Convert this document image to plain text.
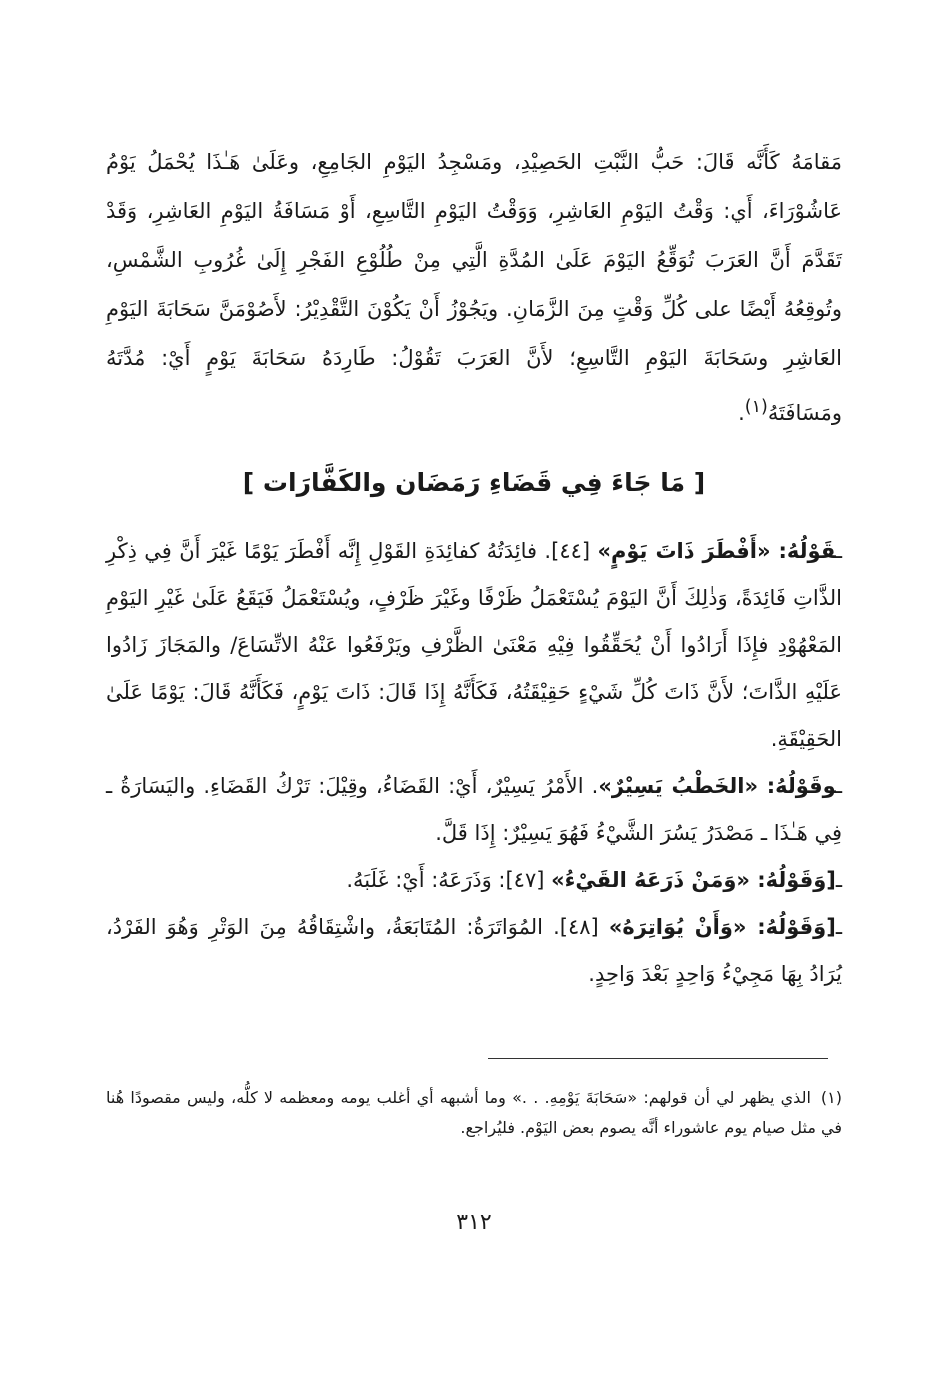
مَقامَهُ كَأَنَّه قَالَ: حَبُّ النَّبْتِ الحَصِيْدِ، ومَسْجِدُ اليَوْمِ الجَامِعِ، وعَلَىٰ هَـٰذَا يُحْمَلُ يَوْمُ عَاشُوْرَاءَ، أَي: وَقْتُ اليَوْمِ العَاشِرِ، وَوَقْتُ اليَوْمِ التَّاسِعِ، أَوْ مَسَافَةُ اليَوْمِ العَاشِرِ، وَقَدْ تَقَدَّمَ أَنَّ العَرَبَ تُوَقِّعُ اليَوْمَ عَلَىٰ المُدَّةِ الَّتِي مِنْ طُلُوْعِ الفَجْرِ إِلَىٰ غُرُوبِ الشَّمْسِ، وتُوقِعُهُ أَيْضًا على كُلِّ وَقْتٍ مِنَ الزَّمَانِ. ويَجُوْزُ أَنْ يَكُوْنَ التَّقْدِيْرُ: لأَصُوْمَنَّ سَحَابَةَ اليَوْمِ العَاشِرِ وسَحَابَةَ اليَوْمِ التَّاسِعِ؛ لأَنَّ العَرَبَ تَقُوْلُ: طَارِدَهُ سَحَابَةَ يَوْمٍ أَيْ: مُدَّتَهُ ومَسَافَتَهُ$^{(١)}$.

[ مَا جَاءَ فِي قَضَاءِ رَمَضَان والكَفَّارَات ]

ـقَوْلُهُ: «أَفْطَرَ ذَاتَ يَوْمٍ» [٤٤]. فائِدَتُهُ كفائِدَةِ القَوْلِ إِنَّه أَفْطَرَ يَوْمًا غَيْرَ أَنَّ فِي ذِكْرِ الذَّاتِ فَائِدَةً، وَذٰلِكَ أَنَّ اليَوْمَ يُسْتَعْمَلُ ظَرْفًا وغَيْرَ ظَرْفٍ، ويُسْتَعْمَلُ فَيَقَعُ عَلَىٰ غَيْرِ اليَوْمِ المَعْهُوْدِ فإِذَا أَرَادُوا أَنْ يُحَقِّقُوا فِيْهِ مَعْنَىٰ الظَّرْفِ ويَرْفَعُوا عَنْهُ الاتِّسَاعَ/ والمَجَازَ زَادُوا عَلَيْهِ الذَّاتَ؛ لأَنَّ ذَاتَ كُلِّ شَيْءٍ حَقِيْقَتُهُ، فَكَأَنَّهُ إِذَا قَالَ: ذَاتَ يَوْمٍ، فَكَأَنَّهُ قَالَ: يَوْمًا عَلَىٰ الحَقِيْقَةِ.

ـوقَوْلُهُ: «الخَطْبُ يَسِيْرٌ». الأَمْرُ يَسِيْرٌ، أَيْ: القَضَاءُ، وقِيْلَ: تَرْكُ القَضَاءِ. واليَسَارَةُ ـ فِي هَـٰذَا ـ مَصْدَرُ يَسُرَ الشَّيْءُ فَهُوَ يَسِيْرٌ: إِذَا قَلَّ.

ـ[وَقَوْلُهُ: «وَمَنْ ذَرَعَهُ القَيْءُ» [٤٧]: وَذَرَعَهُ: أَيْ: غَلَبَهُ.

ـ[وَقَوْلُهُ: «وَأَنْ يُوَاتِرَهُ» [٤٨]. المُوَاتَرَةُ: المُتَابَعَةُ، واشْتِقَاقُهُ مِنَ الوَتْرِ وَهُوَ الفَرْدُ، يُرَادُ بِهَا مَجِيْءُ وَاحِدٍ بَعْدَ وَاحِدٍ.

(١)الذي يظهر لي أن قولهم: «سَحَابَةَ يَوْمِهِ. . .» وما أشبهه أي أغلب يومه ومعظمه لا كلُّه، وليس مقصودًا هُنا في مثل صيام يوم عاشوراء أنَّه يصوم بعض اليَوْم. فليُراجع.

٣١٢
